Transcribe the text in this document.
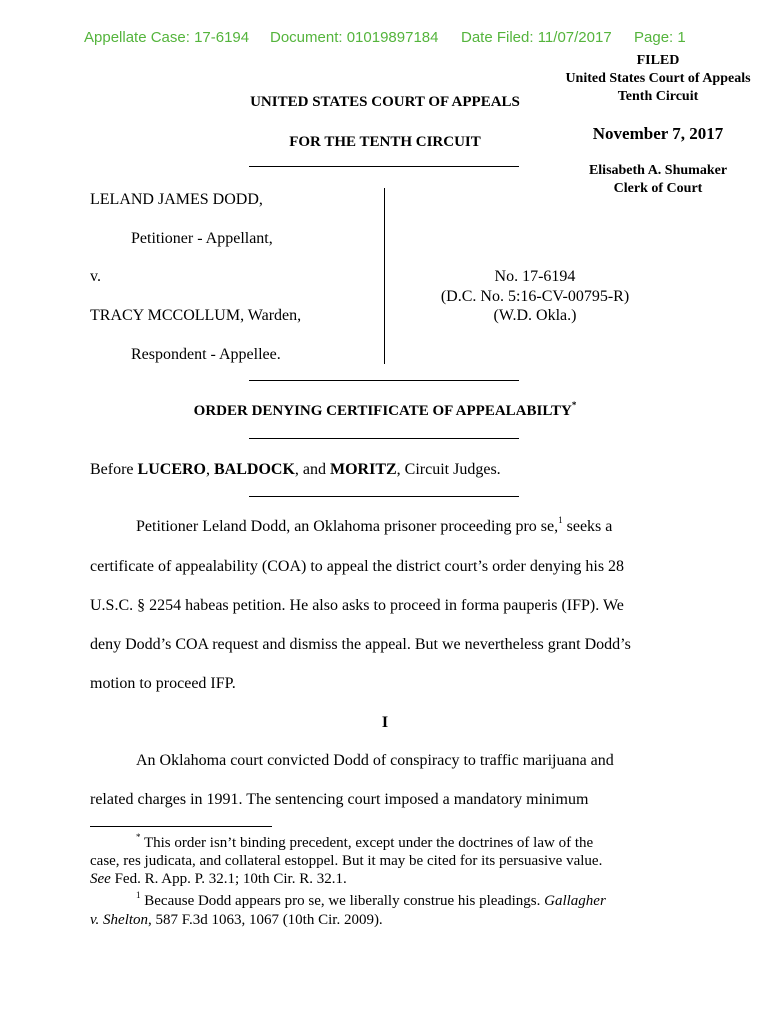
Appellate Case: 17-6194 Document: 01019897184 Date Filed: 11/07/2017 Page: 1
FILED
United States Court of Appeals
Tenth Circuit
November 7, 2017
Elisabeth A. Shumaker
Clerk of Court
UNITED STATES COURT OF APPEALS
FOR THE TENTH CIRCUIT
LELAND JAMES DODD,
Petitioner - Appellant,
v.
TRACY MCCOLLUM, Warden,
Respondent - Appellee.
No. 17-6194
(D.C. No. 5:16-CV-00795-R)
(W.D. Okla.)
ORDER DENYING CERTIFICATE OF APPEALABILTY*
Before LUCERO, BALDOCK, and MORITZ, Circuit Judges.
Petitioner Leland Dodd, an Oklahoma prisoner proceeding pro se,$^1$ seeks a
certificate of appealability (COA) to appeal the district court’s order denying his 28
U.S.C. § 2254 habeas petition. He also asks to proceed in forma pauperis (IFP). We
deny Dodd’s COA request and dismiss the appeal. But we nevertheless grant Dodd’s
motion to proceed IFP.
I
An Oklahoma court convicted Dodd of conspiracy to traffic marijuana and
related charges in 1991. The sentencing court imposed a mandatory minimum
* This order isn’t binding precedent, except under the doctrines of law of the
case, res judicata, and collateral estoppel. But it may be cited for its persuasive value.
See Fed. R. App. P. 32.1; 10th Cir. R. 32.1.
$^1$ Because Dodd appears pro se, we liberally construe his pleadings. Gallagher
v. Shelton, 587 F.3d 1063, 1067 (10th Cir. 2009).
